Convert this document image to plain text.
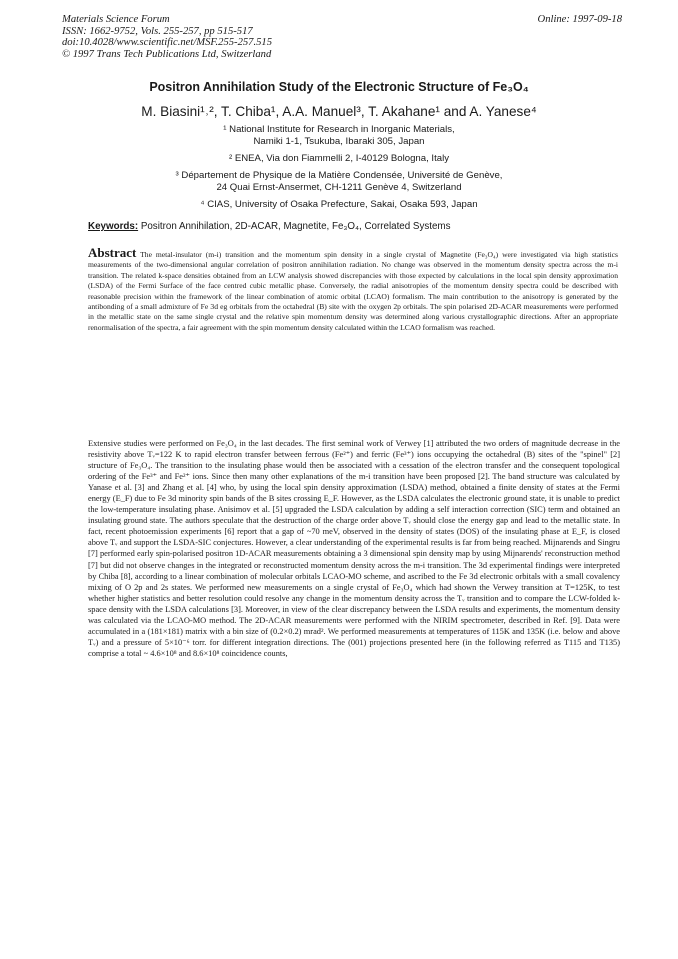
Materials Science Forum
ISSN: 1662-9752, Vols. 255-257, pp 515-517
doi:10.4028/www.scientific.net/MSF.255-257.515
© 1997 Trans Tech Publications Ltd, Switzerland
Online: 1997-09-18
Positron Annihilation Study of the Electronic Structure of Fe₃O₄
M. Biasini¹˒², T. Chiba¹, A.A. Manuel³, T. Akahane¹ and A. Yanese⁴
¹ National Institute for Research in Inorganic Materials,
Namiki 1-1, Tsukuba, Ibaraki 305, Japan
² ENEA, Via don Fiammelli 2, I-40129 Bologna, Italy
³ Département de Physique de la Matière Condensée, Université de Genève,
24 Quai Ernst-Ansermet, CH-1211 Genève 4, Switzerland
⁴ CIAS, University of Osaka Prefecture, Sakai, Osaka 593, Japan
Keywords: Positron Annihilation, 2D-ACAR, Magnetite, Fe₃O₄, Correlated Systems
Abstract The metal-insulator (m-i) transition and the momentum spin density in a single crystal of Magnetite (Fe₃O₄) were investigated via high statistics measurements of the two-dimensional angular correlation of positron annihilation radiation. No change was observed in the momentum density spectra across the m-i transition. The related k-space densities obtained from an LCW analysis showed discrepancies with those expected by calculations in the local spin density approximation (LSDA) of the Fermi Surface of the face centred cubic metallic phase. Conversely, the radial anisotropies of the momentum density spectra could be described with reasonable precision within the framework of the linear combination of atomic orbital (LCAO) formalism. The main contribution to the anisotropy is generated by the antibonding of a small admixture of Fe 3d eg orbitals from the octahedral (B) site with the oxygen 2p orbitals. The spin polarised 2D-ACAR measurements were performed in the metallic state on the same single crystal and the relative spin momentum density was determined along various crystallographic directions. After an appropriate renormalisation of the spectra, a fair agreement with the spin momentum density calculated within the LCAO formalism was reached.
Extensive studies were performed on Fe₃O₄ in the last decades. The first seminal work of Verwey [1] attributed the two orders of magnitude decrease in the resistivity above Tᵥ=122 K to rapid electron transfer between ferrous (Fe²⁺) and ferric (Fe³⁺) ions occupying the octahedral (B) sites of the "spinel" [2] structure of Fe₃O₄. The transition to the insulating phase would then be associated with a cessation of the electron transfer and the consequent topological ordering of the Fe³⁺ and Fe²⁺ ions. Since then many other explanations of the m-i transition have been proposed [2]. The band structure was calculated by Yanase et al. [3] and Zhang et al. [4] who, by using the local spin density approximation (LSDA) method, obtained a finite density of states at the Fermi energy (E_F) due to Fe 3d minority spin bands of the B sites crossing E_F. However, as the LSDA calculates the electronic ground state, it is unable to predict the low-temperature insulating phase. Anisimov et al. [5] upgraded the LSDA calculation by adding a self interaction correction (SIC) term and obtained an insulating ground state. The authors speculate that the destruction of the charge order above Tᵥ should close the energy gap and lead to the metallic state. In fact, recent photoemission experiments [6] report that a gap of ~70 meV, observed in the density of states (DOS) of the insulating phase at E_F, is closed above Tᵥ and support the LSDA-SIC conjectures. However, a clear understanding of the experimental results is far from being reached. Mijnarends and Singru [7] performed early spin-polarised positron 1D-ACAR measurements obtaining a 3 dimensional spin density map by using Mijnarends' reconstruction method [7] but did not observe changes in the integrated or reconstructed momentum density across the m-i transition. The 3d experimental findings were interpreted by Chiba [8], according to a linear combination of molecular orbitals LCAO-MO scheme, and ascribed to the Fe 3d electronic orbitals with a small covalency mixing of O 2p and 2s states. We performed new measurements on a single crystal of Fe₃O₄ which had shown the Verwey transition at T=125K, to test whether higher statistics and better resolution could resolve any change in the momentum density across the Tᵥ transition and to compare the LCW-folded k-space density with the LSDA calculations [3]. Moreover, in view of the clear discrepancy between the LSDA results and experiments, the momentum density was calculated via the LCAO-MO method. The 2D-ACAR measurements were performed with the NIRIM spectrometer, described in Ref. [9]. Data were accumulated in a (181×181) matrix with a bin size of (0.2×0.2) mrad². We performed measurements at temperatures of 115K and 135K (i.e. below and above Tᵥ) and a pressure of 5×10⁻⁶ torr. for different integration directions. The (001) projections presented here (in the following referred as T115 and T135) comprise a total ~ 4.6×10⁸ and 8.6×10⁸ coincidence counts,
